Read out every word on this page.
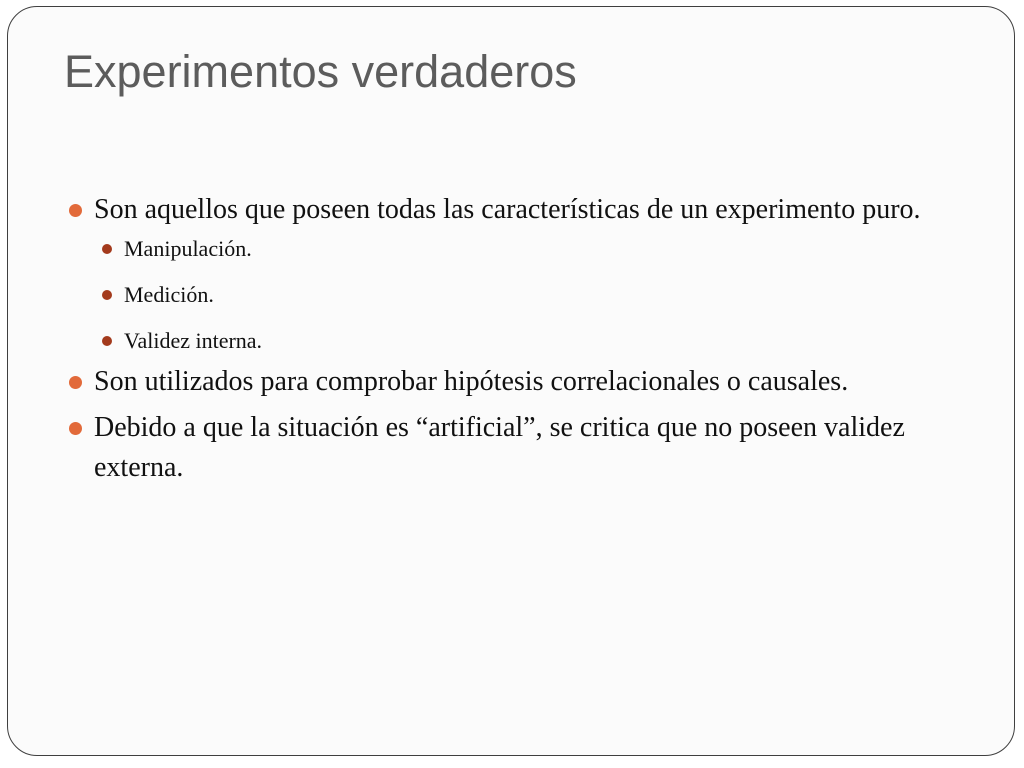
Experimentos verdaderos
Son aquellos que poseen todas las características de un experimento puro.
Manipulación.
Medición.
Validez interna.
Son utilizados para comprobar hipótesis correlacionales o causales.
Debido a que la situación es “artificial”, se critica que no poseen validez externa.
